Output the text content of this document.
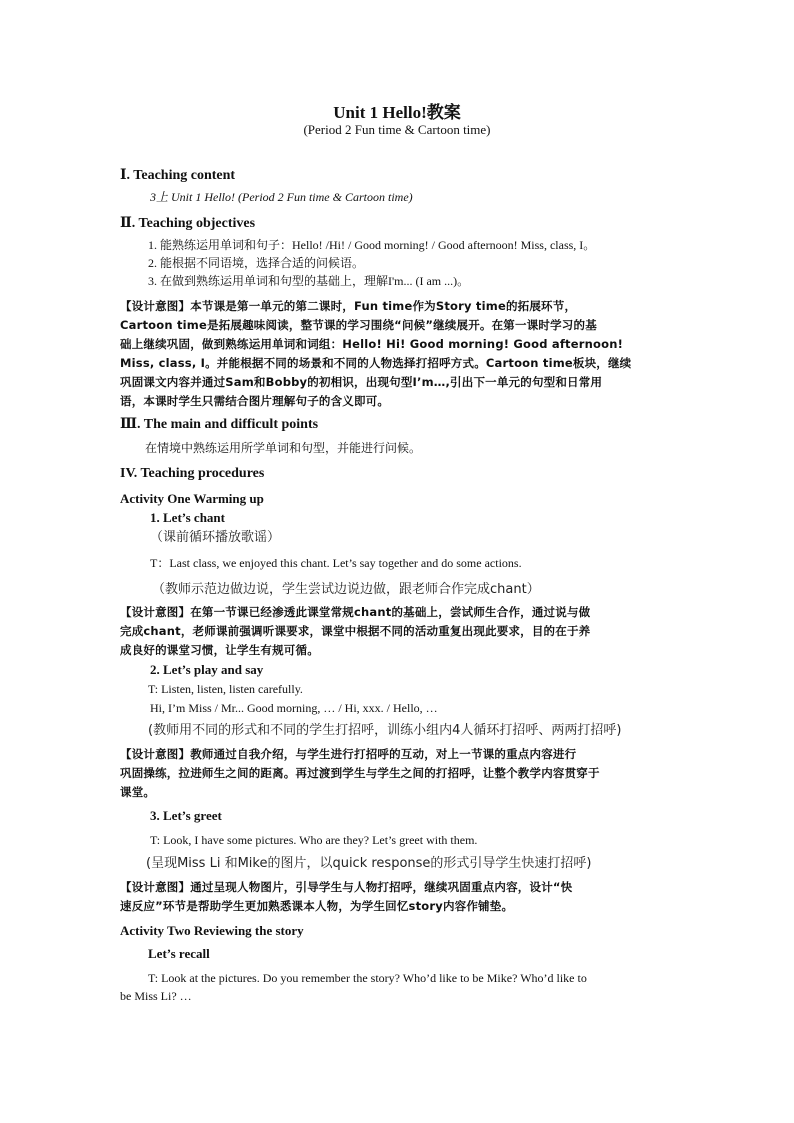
Unit 1 Hello!教案
(Period 2 Fun time & Cartoon time)
Ⅰ. Teaching content
3上 Unit 1 Hello! (Period 2 Fun time & Cartoon time)
Ⅱ. Teaching objectives
1. 能熟练运用单词和句子：Hello! /Hi! / Good morning! / Good afternoon! Miss, class, I。
2. 能根据不同语境，选择合适的问候语。
3. 在做到熟练运用单词和句型的基础上，理解I'm... (I am ...)。
【设计意图】本节课是第一单元的第二课时，Fun time作为Story time的拓展环节，
Cartoon time是拓展趣味阅读，整节课的学习围绕“问候”继续展开。在第一课时学习的基
础上继续巩固，做到熟练运用单词和词组：Hello! Hi! Good morning! Good afternoon!
Miss, class, I。并能根据不同的场景和不同的人物选择打招呼方式。Cartoon time板块，继续
巩固课文内容并通过Sam和Bobby的初相识，出现句型I’m…,引出下一单元的句型和日常用
语，本课时学生只需结合图片理解句子的含义即可。
Ⅲ. The main and difficult points
在情境中熟练运用所学单词和句型，并能进行问候。
IV. Teaching procedures
Activity One Warming up
1. Let’s chant
（课前循环播放歌谣）
T：Last class, we enjoyed this chant. Let’s say together and do some actions.
（教师示范边做边说，学生尝试边说边做，跟老师合作完成chant）
【设计意图】在第一节课已经渗透此课堂常规chant的基础上，尝试师生合作，通过说与做
完成chant，老师课前强调听课要求，课堂中根据不同的活动重复出现此要求，目的在于养
成良好的课堂习惯，让学生有规可循。
2. Let’s play and say
T: Listen, listen, listen carefully.
Hi, I’m Miss / Mr... Good morning, … / Hi, xxx. / Hello, …
(教师用不同的形式和不同的学生打招呼，训练小组内4人循环打招呼、两两打招呼)
【设计意图】教师通过自我介绍，与学生进行打招呼的互动，对上一节课的重点内容进行
巩固操练，拉进师生之间的距离。再过渡到学生与学生之间的打招呼，让整个教学内容贯穿于
课堂。
3. Let’s greet
T: Look, I have some pictures. Who are they? Let’s greet with them.
(呈现Miss Li 和Mike的图片，以quick response的形式引导学生快速打招呼)
【设计意图】通过呈现人物图片，引导学生与人物打招呼，继续巩固重点内容，设计“快
速反应”环节是帮助学生更加熟悉课本人物，为学生回忆story内容作铺垫。
Activity Two Reviewing the story
Let’s recall
T: Look at the pictures. Do you remember the story? Who’d like to be Mike? Who’d like to
be Miss Li? …
